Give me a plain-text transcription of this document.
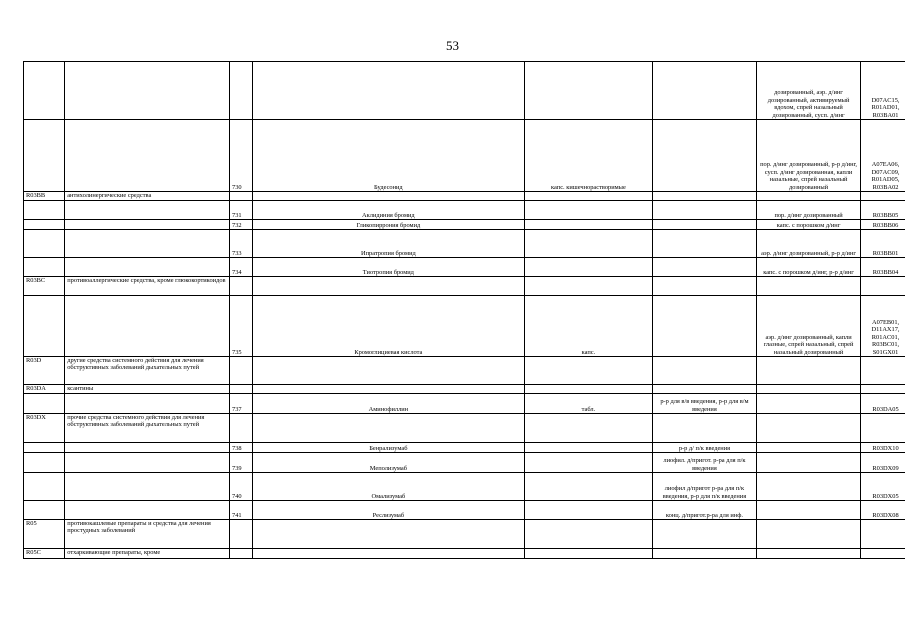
53
						дозированный, аэр. д/инг дозированный, активируемый вдохом, спрей назальный дозированный, сусп. д/инг	D07AC15,
R01AD01,
R03BA01
		730	Будесонид	капс. кишечнорастворимые		пор. д/инг дозированный, р-р д/инг, сусп. д/инг дозированная, капли назальные, спрей назальный дозированный	A07EA06,
D07AC09,
R01AD05,
R03BA02
R03BB	антихолинергические средства						
		731	Аклидиния бромид			пор. д/инг дозированный	R03BB05
		732	Гликопиррония бромид			капс. с порошком д/инг	R03BB06
		733	Ипратропия бромид			аэр. д/инг дозированный, р-р д/инг	R03BB01
		734	Тиотропия бромид			капс. с порошком д/инг, р-р д/инг	R03BB04
R03BC	противоаллергические средства, кроме глюкокортикоидов						
		735	Кромоглициевая кислота	капс.		аэр. д/инг дозированный, капли глазные, спрей назальный, спрей назальный дозированный	A07EB01,
D11AX17,
R01AC01,
R03BC01,
S01GX01
R03D	другие средства системного действия для лечения обструктивных заболеваний дыхательных путей						
R03DA	ксантины						
		737	Аминофиллин	табл.	р-р для в/в введения, р-р для в/м введения		R03DA05
R03DX	прочие средства системного действия для лечения обструктивных заболеваний дыхательных путей						
		738	Бенрализумаб		р-р д/ п/к введения		R03DX10
		739	Меполизумаб		лиофил. д/пригот. р-ра для п/к введения		R03DX09
		740	Омализумаб		лиофил д/пригот р-ра для п/к введения, р-р для п/к введения		R03DX05
		741	Реслизумаб		конц. д/пригот.р-ра для инф.		R03DX08
R05	противокашлевые препараты и средства для лечения простудных заболеваний						
R05C	отхаркивающие препараты, кроме						
